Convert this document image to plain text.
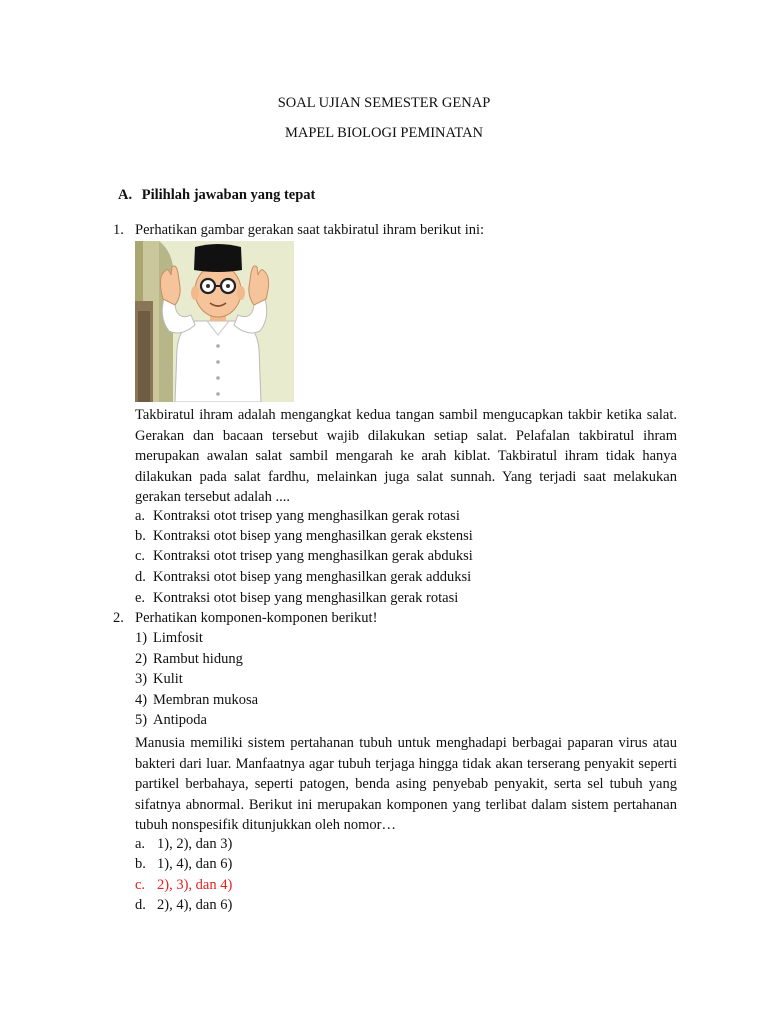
SOAL UJIAN SEMESTER GENAP
MAPEL BIOLOGI PEMINATAN
A. Pilihlah jawaban yang tepat
1. Perhatikan gambar gerakan saat takbiratul ihram berikut ini:
Takbiratul ihram adalah mengangkat kedua tangan sambil mengucapkan takbir ketika salat. Gerakan dan bacaan tersebut wajib dilakukan setiap salat. Pelafalan takbiratul ihram merupakan awalan salat sambil mengarah ke arah kiblat. Takbiratul ihram tidak hanya dilakukan pada salat fardhu, melainkan juga salat sunnah. Yang terjadi saat melakukan gerakan tersebut adalah ....
a. Kontraksi otot trisep yang menghasilkan gerak rotasi
b. Kontraksi otot bisep yang menghasilkan gerak ekstensi
c. Kontraksi otot trisep yang menghasilkan gerak abduksi
d. Kontraksi otot bisep yang menghasilkan gerak adduksi
e. Kontraksi otot bisep yang menghasilkan gerak rotasi
2. Perhatikan komponen-komponen berikut!
1) Limfosit
2) Rambut hidung
3) Kulit
4) Membran mukosa
5) Antipoda
Manusia memiliki sistem pertahanan tubuh untuk menghadapi berbagai paparan virus atau bakteri dari luar. Manfaatnya agar tubuh terjaga hingga tidak akan terserang penyakit seperti partikel berbahaya, seperti patogen, benda asing penyebab penyakit, serta sel tubuh yang sifatnya abnormal. Berikut ini merupakan komponen yang terlibat dalam sistem pertahanan tubuh nonspesifik ditunjukkan oleh nomor…
a. 1), 2), dan 3)
b. 1), 4), dan 6)
c. 2), 3), dan 4)
d. 2), 4), dan 6)
